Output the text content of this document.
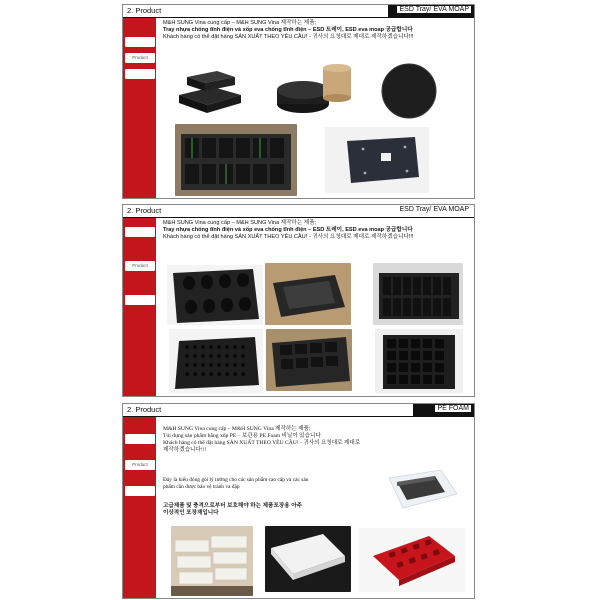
2. Product	ESD Tray/ EVA MOAP
Product
M&H SUNG Vina cung cấp – M&H SUNG Vina 제작하는 제품;
Tray nhựa chống tĩnh điện và xốp eva chống tĩnh điện – ESD 트레이, ESD eva moap 공급합니다
Khách hàng có thể đặt hàng SẢN XUẤT THEO YÊU CẦU! - 귀사의 요청대로 제대로 제작하겠습니다!!!
2. Product	ESD Tray/ EVA MOAP
Product
M&H SUNG Vina cung cấp – M&H SUNG Vina 제작하는 제품;
Tray nhựa chống tĩnh điện và xốp eva chống tĩnh điện – ESD 트레이, ESD eva moap 공급합니다
Khách hàng có thể đặt hàng SẢN XUẤT THEO YÊU CẦU! - 귀사의 요청대로 제대로 제작하겠습니다!!!
2. Product	PE FOAM
Product
M&H SUNG Vina cung cấp – M&H SUNG Vina 제작하는 제품;
Túi đựng sản phẩm bằng xốp PE – 보관용 PE Foam 비닐이 있습니다
Khách hàng có thể đặt hàng SẢN XUẤT THEO YÊU CẦU! - 귀사의 요청대로 제대로
제작하겠습니다!!!
Đây là kiểu đóng gói lý tưởng cho các sản phẩm cao cấp và các sản
phẩm cần được bảo vệ tránh va đập
고급제품 및 충격으로부터 보호해야 하는 제품포장용 아주
이상적인 포장재입니다
